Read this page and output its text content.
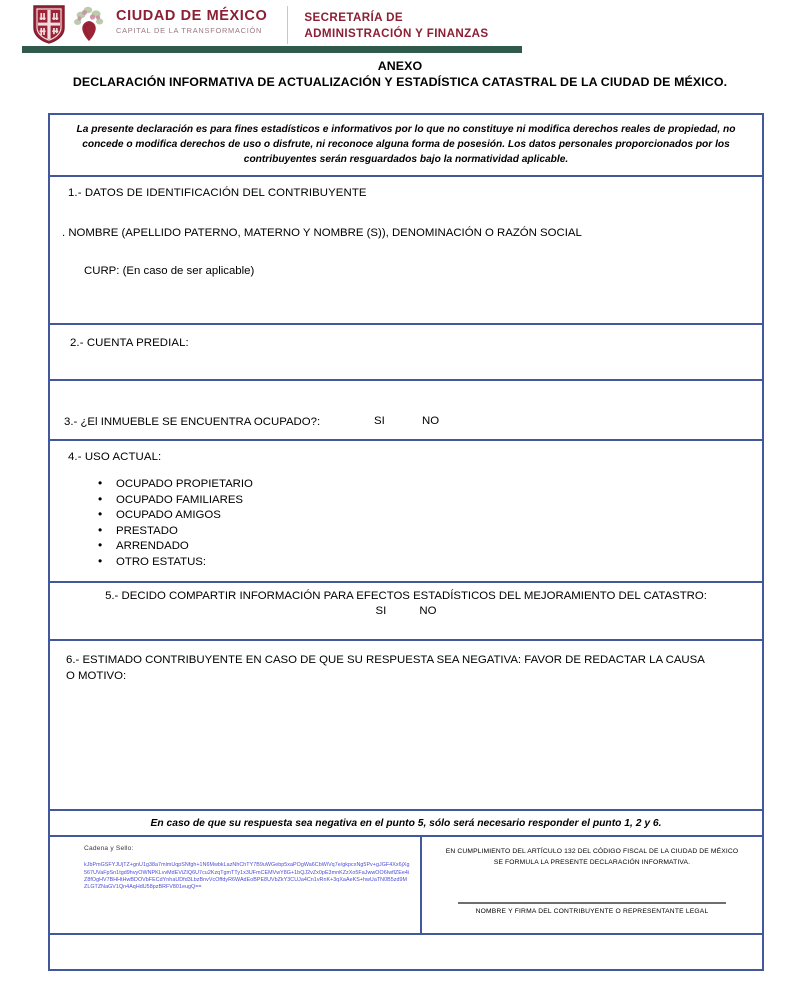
CIUDAD DE MÉXICO
CAPITAL DE LA TRANSFORMACIÓN
SECRETARÍA DE
ADMINISTRACIÓN Y FINANZAS
ANEXO
DECLARACIÓN INFORMATIVA DE ACTUALIZACIÓN Y ESTADÍSTICA CATASTRAL DE LA CIUDAD DE MÉXICO.
La presente declaración es para fines estadísticos e informativos por lo que no constituye ni modifica derechos reales de propiedad, no concede o modifica derechos de uso o disfrute, ni reconoce alguna forma de posesión. Los datos personales proporcionados por los contribuyentes serán resguardados bajo la normatividad aplicable.
1.- DATOS DE IDENTIFICACIÓN DEL CONTRIBUYENTE
. NOMBRE (APELLIDO PATERNO, MATERNO Y NOMBRE (S)), DENOMINACIÓN O RAZÓN SOCIAL
CURP: (En caso de ser aplicable)
2.- CUENTA PREDIAL:
3.- ¿El INMUEBLE SE ENCUENTRA OCUPADO?:	SI	NO
4.- USO ACTUAL:
• OCUPADO PROPIETARIO
• OCUPADO FAMILIARES
• OCUPADO AMIGOS
• PRESTADO
• ARRENDADO
• OTRO ESTATUS:
5.- DECIDO COMPARTIR INFORMACIÓN PARA EFECTOS ESTADÍSTICOS DEL MEJORAMIENTO DEL CATASTRO:
SI	NO
6.- ESTIMADO CONTRIBUYENTE EN CASO DE QUE SU RESPUESTA SEA NEGATIVA: FAVOR DE REDACTAR LA CAUSA O MOTIVO:
En caso de que su respuesta sea negativa en el punto 5, sólo será necesario responder el punto 1, 2 y 6.
Cadena y Sello:
kJbPmGSFYJUjTZ+gnU1g38a7mlmUqpSNfgh+1N6MwbkLazNhChTY7B9uWGebp5xaPOgWa6CbWiVq7e/gkpcxNg5Pv+gJGF4Xx6jXg567UVaFpSn1tgd9hvyOWNPKLvvMdEViZIQ6U7cu2KzqTgmTTy1x3UFmCEMVwY8G+1bQJ2vZx0pE3mnKZzXo5FaJwwOO6IwflZEe4iZ8fOgHV7BHHtHwBDOVbFECdYnhaUDfd3LbzBnvVcOffdyR6WAdEoBPE8UVbZkY3CUJa4Cn1vRnK+3qXaAeKS+hwUaTN0B5zd9MZLGTZNaGV1Qn4AqHdU58pzBRFV801eugQ==
EN CUMPLIMIENTO DEL ARTÍCULO 132 DEL CÓDIGO FISCAL DE LA CIUDAD DE MÉXICO SE FORMULA LA PRESENTE DECLARACIÓN INFORMATIVA.
NOMBRE Y FIRMA DEL CONTRIBUYENTE O REPRESENTANTE LEGAL
